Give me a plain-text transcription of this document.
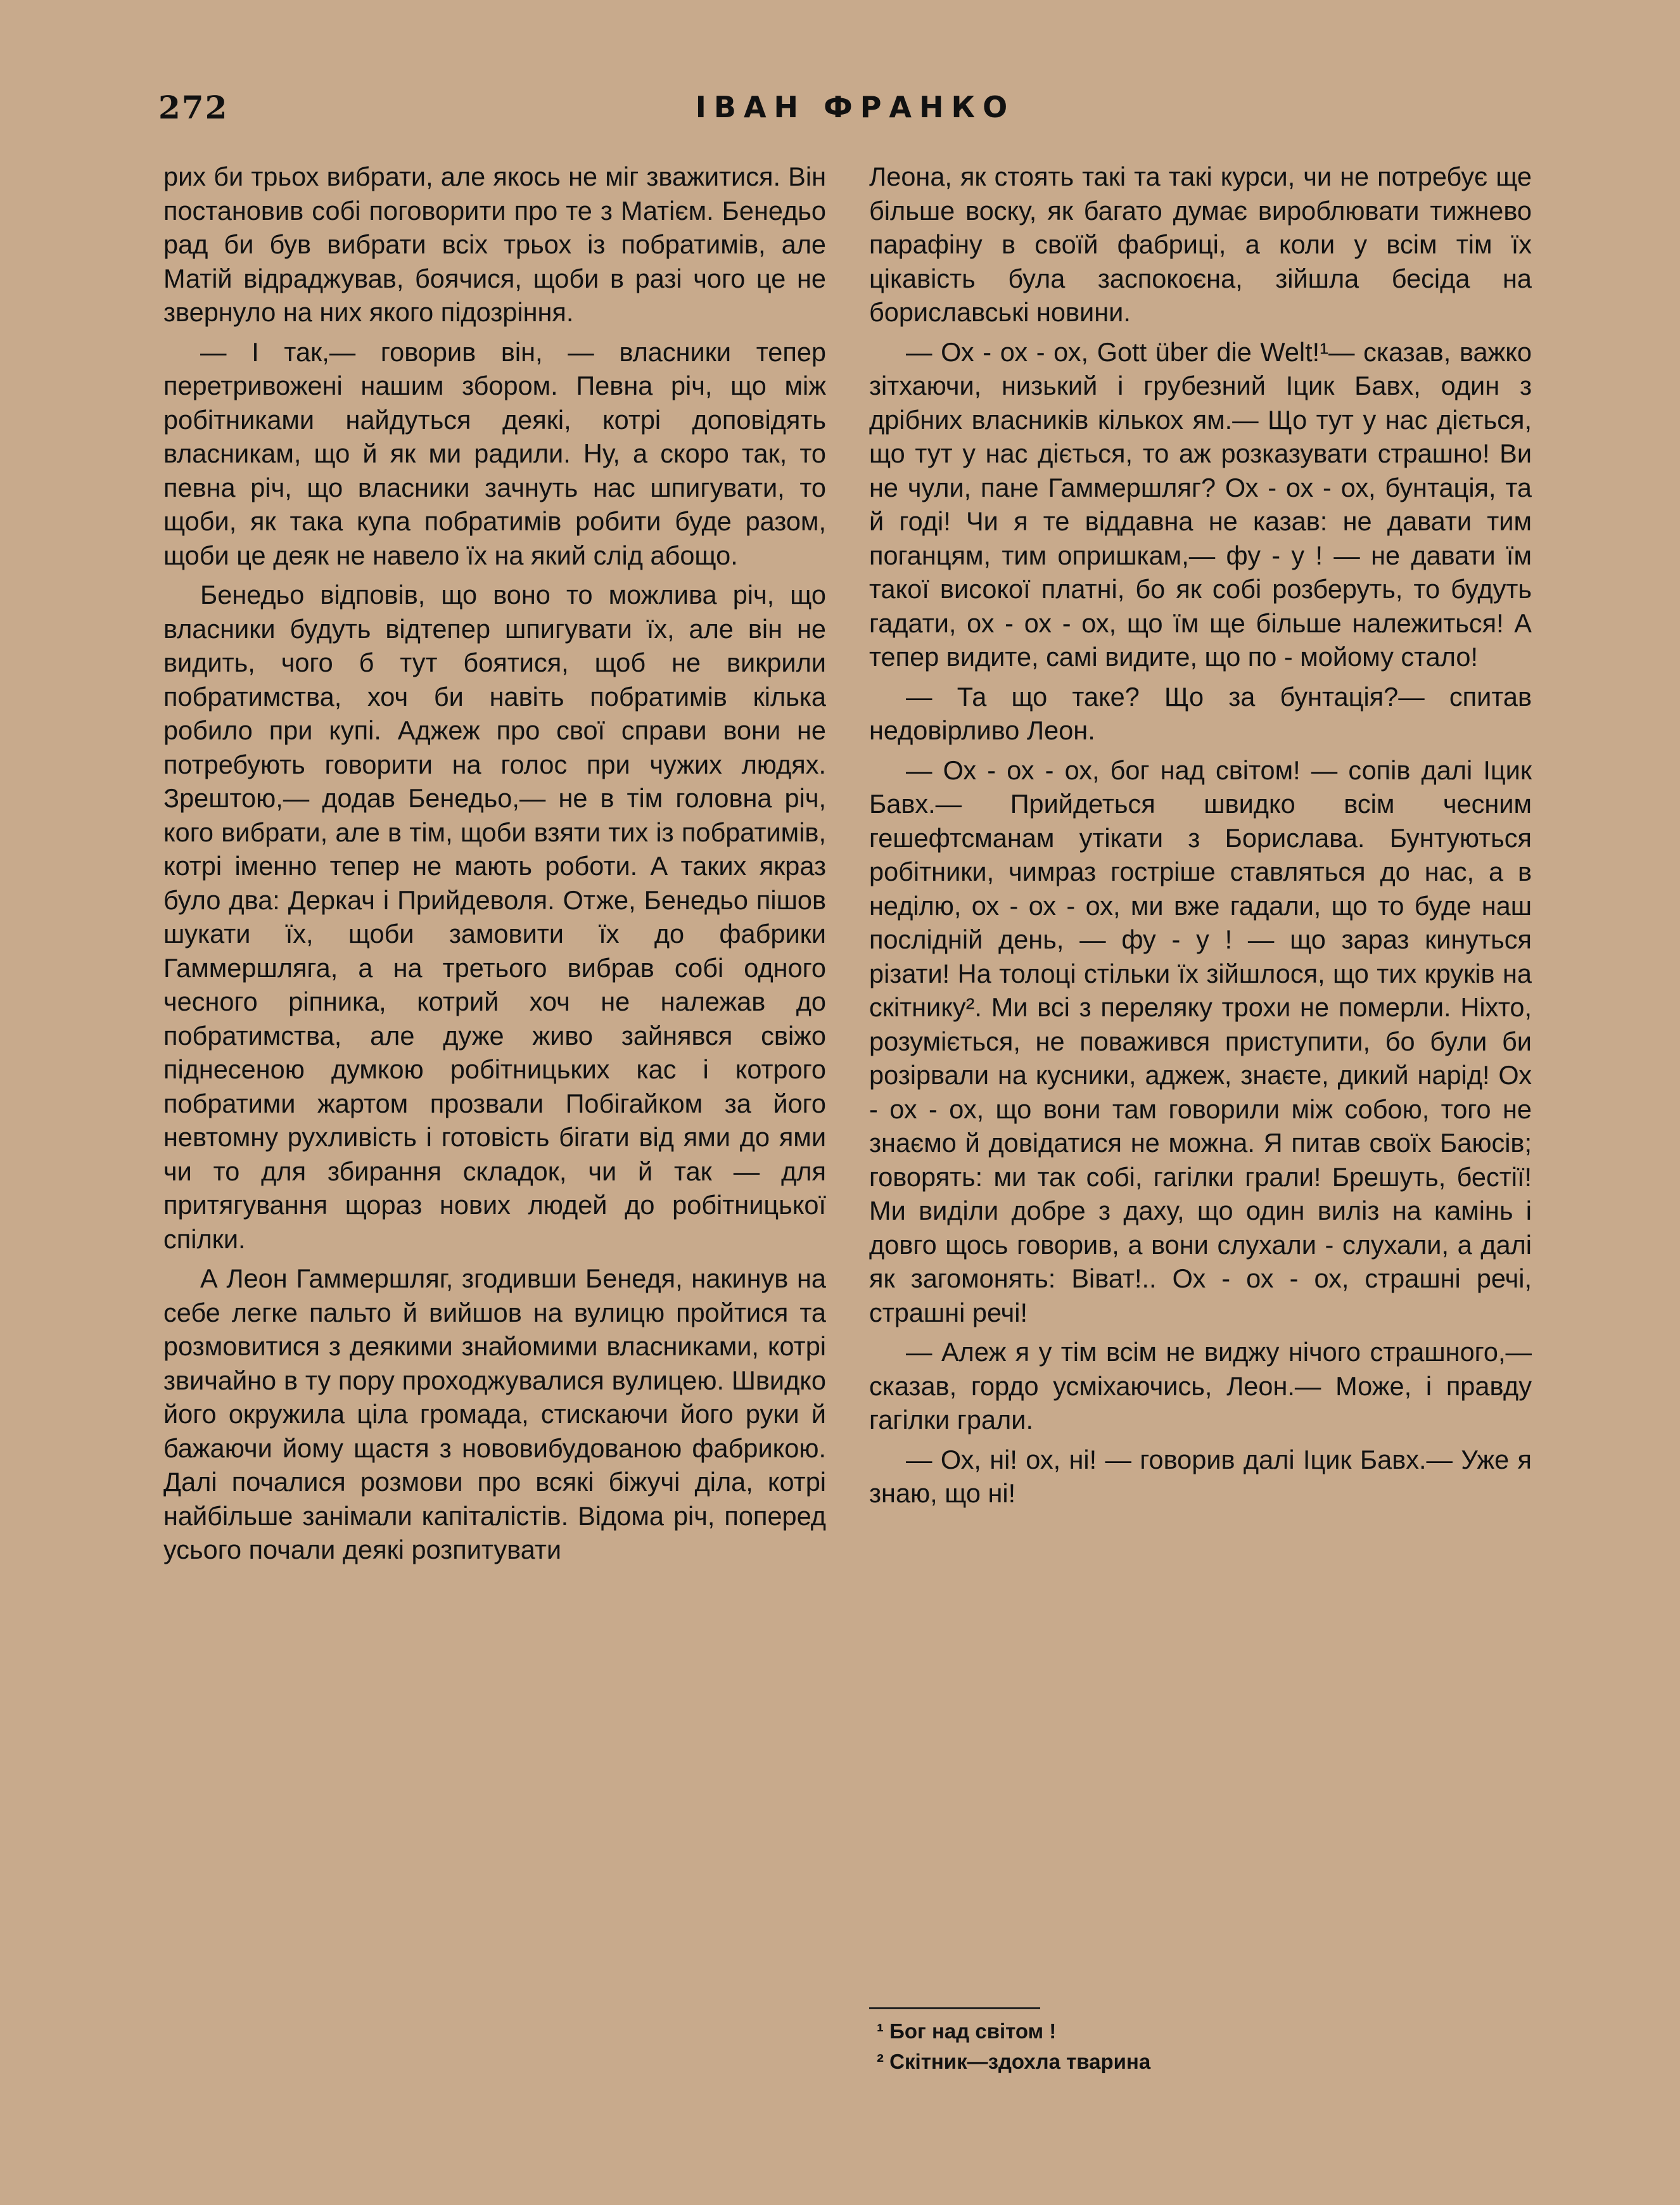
272	ІВАН ФРАНКО

рих би трьох вибрати, але якось не міг зважитися. Він постановив собі поговорити про те з Матієм. Бенедьо рад би був вибрати всіх трьох із побратимів, але Матій відраджував, боячися, щоби в разі чого це не звернуло на них якого підозріння.

— І так,— говорив він, — власники тепер перетривожені нашим збором. Певна річ, що між робітниками найдуться деякі, котрі доповідять власникам, що й як ми радили. Ну, а скоро так, то певна річ, що власники зачнуть нас шпигувати, то щоби, як така купа побратимів робити буде разом, щоби це деяк не навело їх на який слід абощо.

Бенедьо відповів, що воно то можлива річ, що власники будуть відтепер шпигувати їх, але він не видить, чого б тут боятися, щоб не викрили побратимства, хоч би навіть побратимів кілька робило при купі. Аджеж про свої справи вони не потребують говорити на голос при чужих людях. Зрештою,— додав Бенедьо,— не в тім головна річ, кого вибрати, але в тім, щоби взяти тих із побратимів, котрі іменно тепер не мають роботи. А таких якраз було два: Деркач і Прийдеволя. Отже, Бенедьо пішов шукати їх, щоби замовити їх до фабрики Гаммершляга, а на третього вибрав собі одного чесного ріпника, котрий хоч не належав до побратимства, але дуже живо зайнявся свіжо піднесеною думкою робітницьких кас і котрого побратими жартом прозвали Побігайком за його невтомну рухливість і готовість бігати від ями до ями чи то для збирання складок, чи й так — для притягування щораз нових людей до робітницької спілки.

А Леон Гаммершляг, згодивши Бенедя, накинув на себе легке пальто й вийшов на вулицю пройтися та розмовитися з деякими знайомими власниками, котрі звичайно в ту пору проходжувалися вулицею. Швидко його окружила ціла громада, стискаючи його руки й бажаючи йому щастя з нововибудованою фабрикою. Далі почалися розмови про всякі біжучі діла, котрі найбільше занімали капіталістів. Відома річ, поперед усього почали деякі розпитувати

Леона, як стоять такі та такі курси, чи не потребує ще більше воску, як багато думає вироблювати тижнево парафіну в своїй фабриці, а коли у всім тім їх цікавість була заспокоєна, зійшла бесіда на бориславські новини.

— Ох - ох - ох, Gott über die Welt!¹— сказав, важко зітхаючи, низький і грубезний Іцик Бавх, один з дрібних власників кількох ям.— Що тут у нас діється, що тут у нас діється, то аж розказувати страшно! Ви не чули, пане Гаммершляг? Ох - ох - ох, бунтація, та й годі! Чи я те віддавна не казав: не давати тим поганцям, тим опришкам,— фу - у ! — не давати їм такої високої платні, бо як собі розберуть, то будуть гадати, ох - ох - ох, що їм ще більше належиться! А тепер видите, самі видите, що по - мойому стало!

— Та що таке? Що за бунтація?— спитав недовірливо Леон.

— Ох - ох - ох, бог над світом! — сопів далі Іцик Бавх.— Прийдеться швидко всім чесним гешефтсманам утікати з Борислава. Бунтуються робітники, чимраз гостріше ставляться до нас, а в неділю, ох - ох - ох, ми вже гадали, що то буде наш послідній день, — фу - у ! — що зараз кинуться різати! На толоці стільки їх зійшлося, що тих круків на скітнику². Ми всі з переляку трохи не померли. Ніхто, розуміється, не поважився приступити, бо були би розірвали на кусники, аджеж, знаєте, дикий нарід! Ох - ох - ох, що вони там говорили між собою, того не знаємо й довідатися не можна. Я питав своїх Баюсів; говорять: ми так собі, гагілки грали! Брешуть, бестії! Ми виділи добре з даху, що один виліз на камінь і довго щось говорив, а вони слухали - слухали, а далі як загомонять: Віват!.. Ох - ох - ох, страшні речі, страшні речі!

— Алеж я у тім всім не виджу нічого страшного,— сказав, гордо усміхаючись, Леон.— Може, і правду гагілки грали.

— Ох, ні! ох, ні! — говорив далі Іцик Бавх.— Уже я знаю, що ні!

¹ Бог над світом !

² Скітник—здохла тварина
